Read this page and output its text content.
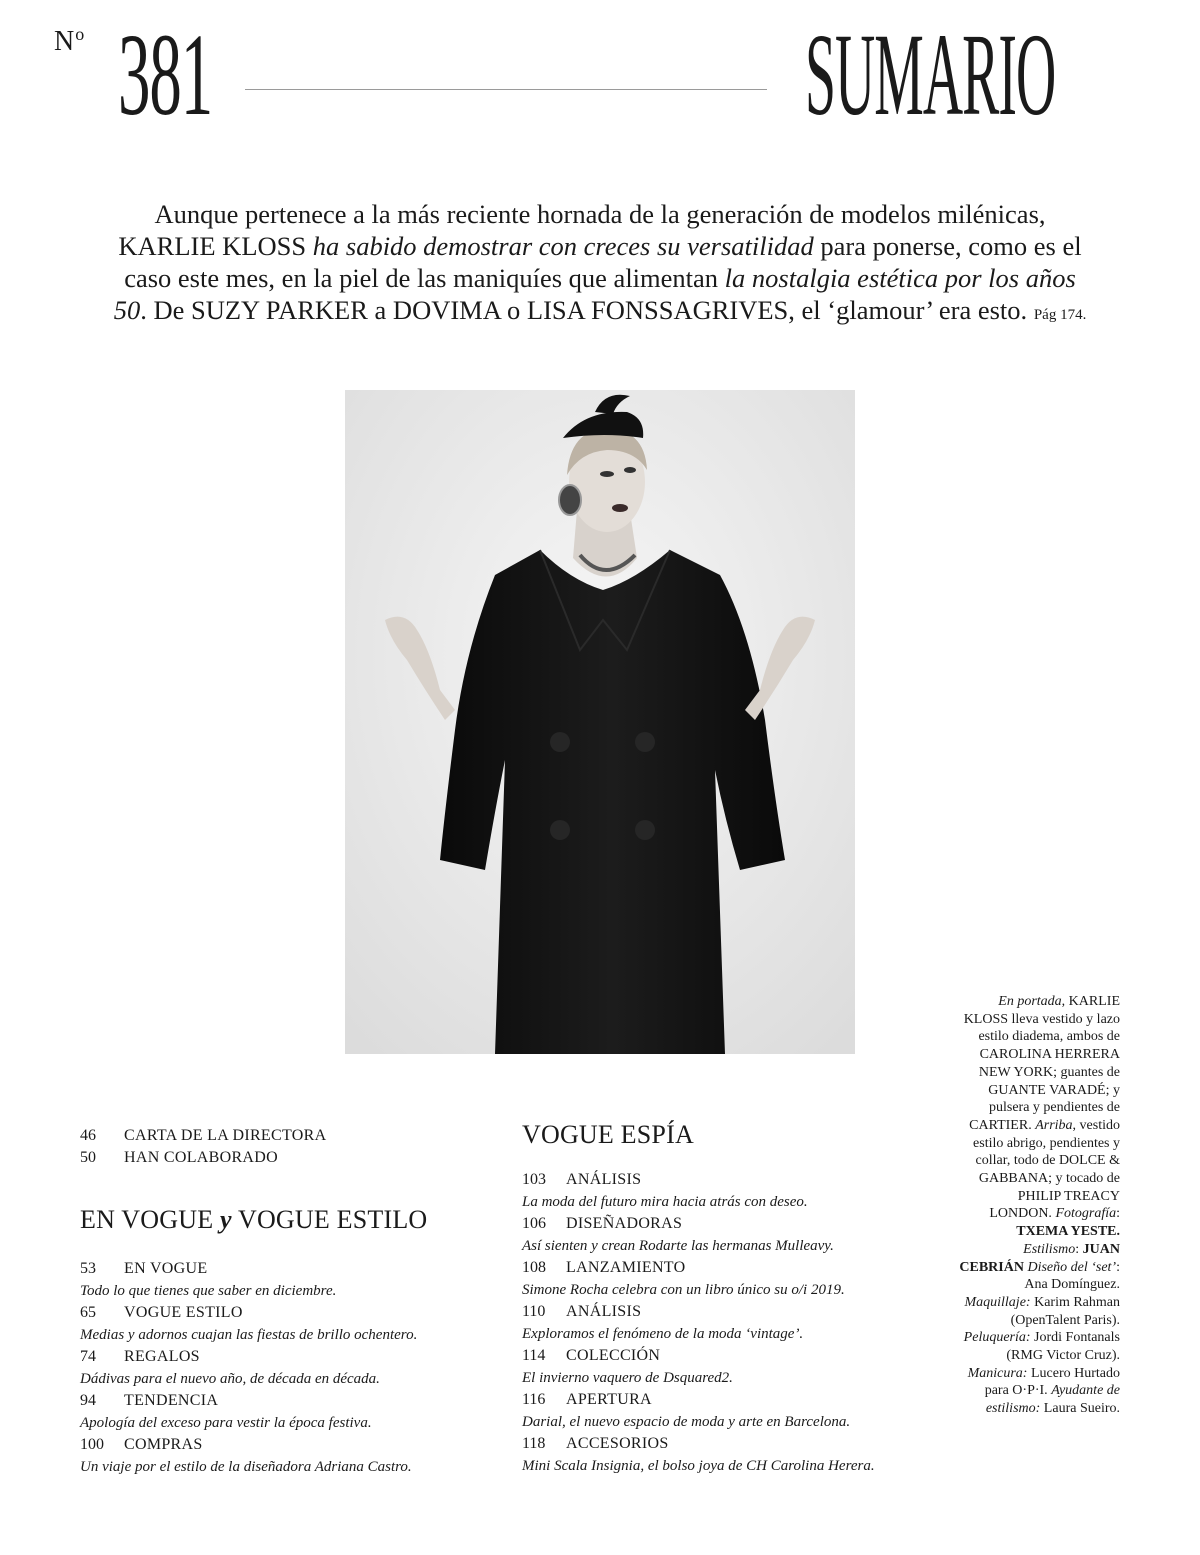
$N^o$ 381	SUMARIO
Aunque pertenece a la más reciente hornada de la generación de modelos milénicas, KARLIE KLOSS ha sabido demostrar con creces su versatilidad para ponerse, como es el caso este mes, en la piel de las maniquíes que alimentan la nostalgia estética por los años 50. De SUZY PARKER a DOVIMA o LISA FONSSAGRIVES, el ‘glamour’ era esto. Pág 174.
En portada, KARLIE KLOSS lleva vestido y lazo estilo diadema, ambos de CAROLINA HERRERA NEW YORK; guantes de GUANTE VARADÉ; y pulsera y pendientes de CARTIER. Arriba, vestido estilo abrigo, pendientes y collar, todo de DOLCE & GABBANA; y tocado de PHILIP TREACY LONDON. Fotografía: TXEMA YESTE. Estilismo: JUAN CEBRIÁN Diseño del ‘set’: Ana Domínguez. Maquillaje: Karim Rahman (OpenTalent Paris). Peluquería: Jordi Fontanals (RMG Victor Cruz). Manicura: Lucero Hurtado para O·P·I. Ayudante de estilismo: Laura Sueiro.
46 CARTA DE LA DIRECTORA
50 HAN COLABORADO
EN VOGUE y VOGUE ESTILO
53 EN VOGUE
Todo lo que tienes que saber en diciembre.
65 VOGUE ESTILO
Medias y adornos cuajan las fiestas de brillo ochentero.
74 REGALOS
Dádivas para el nuevo año, de década en década.
94 TENDENCIA
Apología del exceso para vestir la época festiva.
100 COMPRAS
Un viaje por el estilo de la diseñadora Adriana Castro.
VOGUE ESPÍA
103 ANÁLISIS
La moda del futuro mira hacia atrás con deseo.
106 DISEÑADORAS
Así sienten y crean Rodarte las hermanas Mulleavy.
108 LANZAMIENTO
Simone Rocha celebra con un libro único su o/i 2019.
110 ANÁLISIS
Exploramos el fenómeno de la moda ‘vintage’.
114 COLECCIÓN
El invierno vaquero de Dsquared2.
116 APERTURA
Darial, el nuevo espacio de moda y arte en Barcelona.
118 ACCESORIOS
Mini Scala Insignia, el bolso joya de CH Carolina Herera.
